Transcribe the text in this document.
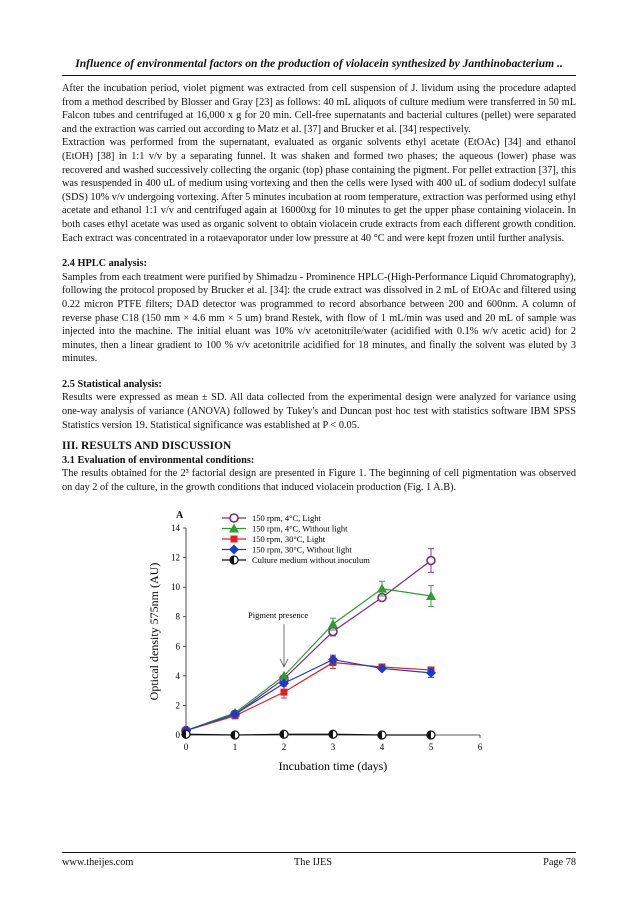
Influence of environmental factors on the production of violacein synthesized by Janthinobacterium ..

After the incubation period, violet pigment was extracted from cell suspension of J. lividum using the procedure adapted from a method described by Blosser and Gray [23] as follows: 40 mL aliquots of culture medium were transferred in 50 mL Falcon tubes and centrifuged at 16,000 x g for 20 min. Cell-free supernatants and bacterial cultures (pellet) were separated and the extraction was carried out according to Matz et al. [37] and Brucker et al. [34] respectively.

Extraction was performed from the supernatant, evaluated as organic solvents ethyl acetate (EtOAc) [34] and ethanol (EtOH) [38] in 1:1 v/v by a separating funnel. It was shaken and formed two phases; the aqueous (lower) phase was recovered and washed successively collecting the organic (top) phase containing the pigment. For pellet extraction [37], this was resuspended in 400 uL of medium using vortexing and then the cells were lysed with 400 uL of sodium dodecyl sulfate (SDS) 10% v/v undergoing vortexing. After 5 minutes incubation at room temperature, extraction was performed using ethyl acetate and ethanol 1:1 v/v and centrifuged again at 16000xg for 10 minutes to get the upper phase containing violacein. In both cases ethyl acetate was used as organic solvent to obtain violacein crude extracts from each different growth condition. Each extract was concentrated in a rotaevaporator under low pressure at 40 °C and were kept frozen until further analysis.

2.4 HPLC analysis:

Samples from each treatment were purified by Shimadzu - Prominence HPLC-(High-Performance Liquid Chromatography), following the protocol proposed by Brucker et al. [34]: the crude extract was dissolved in 2 mL of EtOAc and filtered using 0.22 micron PTFE filters; DAD detector was programmed to record absorbance between 200 and 600nm. A column of reverse phase C18 (150 mm × 4.6 mm × 5 um) brand Restek, with flow of 1 mL/min was used and 20 mL of sample was injected into the machine. The initial eluant was 10% v/v acetonitrile/water (acidified with 0.1% w/v acetic acid) for 2 minutes, then a linear gradient to 100 % v/v acetonitrile acidified for 18 minutes, and finally the solvent was eluted by 3 minutes.

2.5 Statistical analysis:

Results were expressed as mean ± SD. All data collected from the experimental design were analyzed for variance using one-way analysis of variance (ANOVA) followed by Tukey's and Duncan post hoc test with statistics software IBM SPSS Statistics version 19. Statistical significance was established at P < 0.05.

III. RESULTS AND DISCUSSION

3.1 Evaluation of environmental conditions:

The results obtained for the 2³ factorial design are presented in Figure 1. The beginning of cell pigmentation was observed on day 2 of the culture, in the growth conditions that induced violacein production (Fig. 1 A.B).

0	1	2	3	4	5	6
0
2
4
6
8
10
12
14
Incubation time (days)
Optical density 575nm (AU)
A
Pigment presence
150 rpm, 4°C, Light
150 rpm, 4°C, Without light
150 rpm, 30°C, Light
150 rpm, 30°C, Without light
Culture medium without inoculum
www.theijes.com	The IJES	Page 78
